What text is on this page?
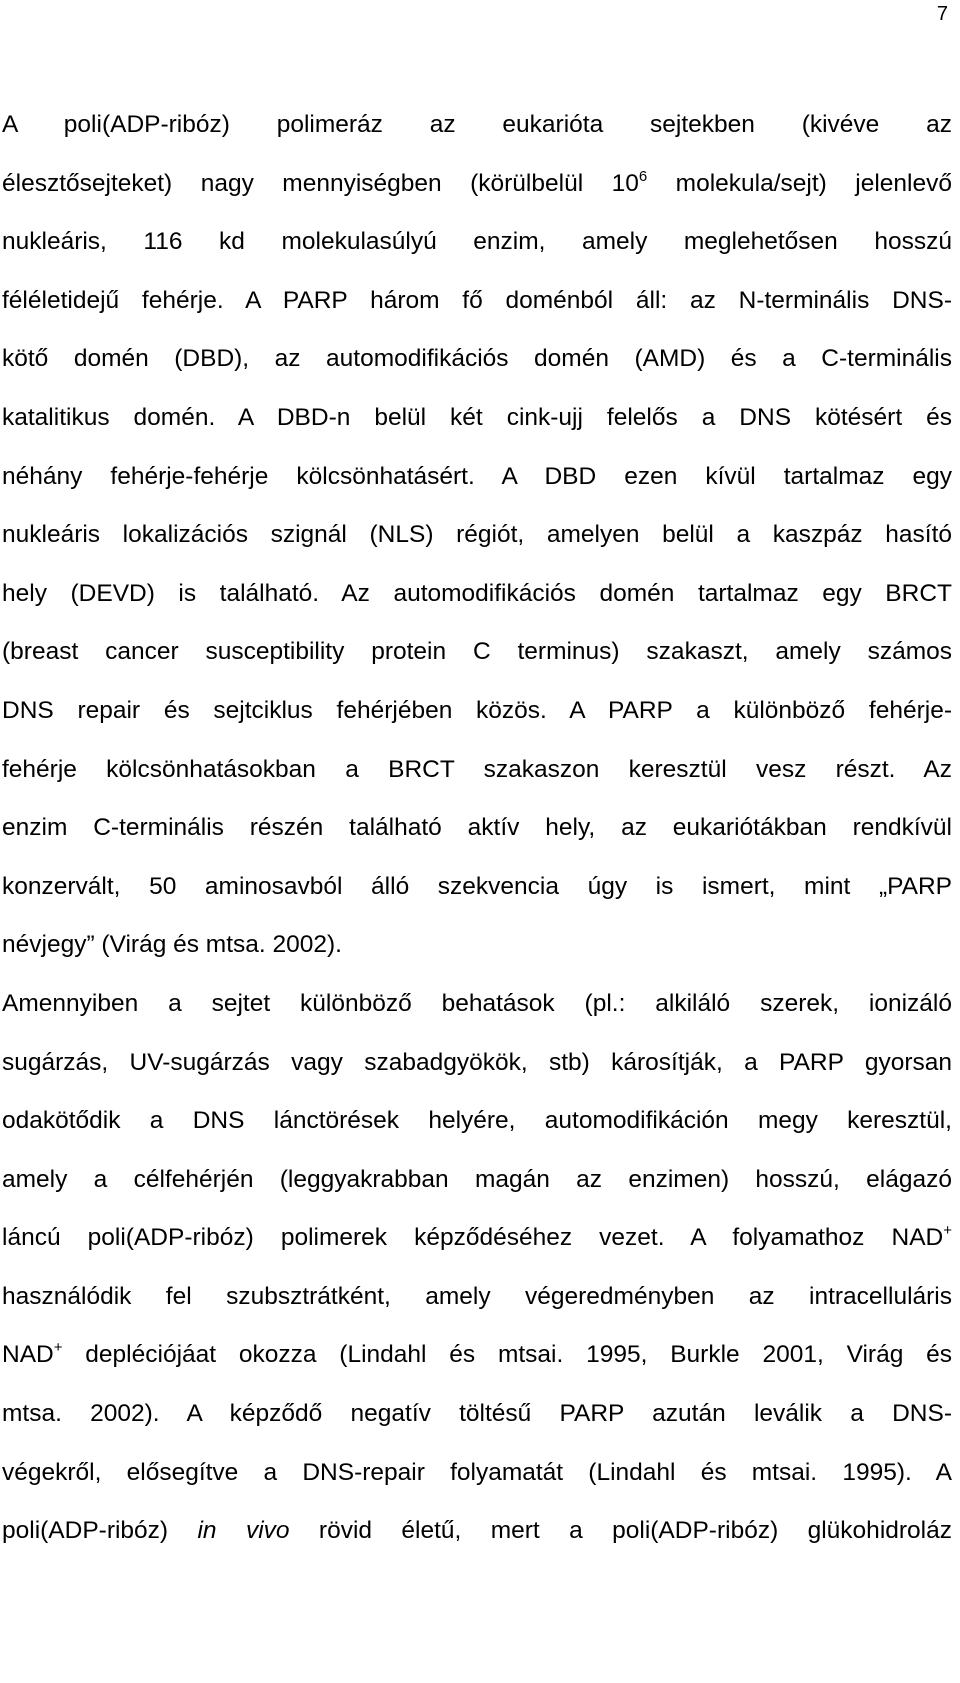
7
A poli(ADP-ribóz) polimeráz az eukarióta sejtekben (kivéve az
élesztősejteket) nagy mennyiségben (körülbelül $10^6$ molekula/sejt) jelenlevő
nukleáris, 116 kd molekulasúlyú enzim, amely meglehetősen hosszú
féléletidejű fehérje. A PARP három fő doménból áll: az N-terminális DNS-
kötő domén (DBD), az automodifikációs domén (AMD) és a C-terminális
katalitikus domén. A DBD-n belül két cink-ujj felelős a DNS kötésért és
néhány fehérje-fehérje kölcsönhatásért. A DBD ezen kívül tartalmaz egy
nukleáris lokalizációs szignál (NLS) régiót, amelyen belül a kaszpáz hasító
hely (DEVD) is található. Az automodifikációs domén tartalmaz egy BRCT
(breast cancer susceptibility protein C terminus) szakaszt, amely számos
DNS repair és sejtciklus fehérjében közös. A PARP a különböző fehérje-
fehérje kölcsönhatásokban a BRCT szakaszon keresztül vesz részt. Az
enzim C-terminális részén található aktív hely, az eukariótákban rendkívül
konzervált, 50 aminosavból álló szekvencia úgy is ismert, mint „PARP
névjegy” (Virág és mtsa. 2002).
Amennyiben a sejtet különböző behatások (pl.: alkiláló szerek, ionizáló
sugárzás, UV-sugárzás vagy szabadgyökök, stb) károsítják, a PARP gyorsan
odakötődik a DNS lánctörések helyére, automodifikáción megy keresztül,
amely a célfehérjén (leggyakrabban magán az enzimen) hosszú, elágazó
láncú poli(ADP-ribóz) polimerek képződéséhez vezet. A folyamathoz NAD+
használódik fel szubsztrátként, amely végeredményben az intracelluláris
NAD+ depléciójáat okozza (Lindahl és mtsai. 1995, Burkle 2001, Virág és
mtsa. 2002). A képződő negatív töltésű PARP azután leválik a DNS-
végekről, elősegítve a DNS-repair folyamatát (Lindahl és mtsai. 1995). A
poli(ADP-ribóz) in vivo rövid életű, mert a poli(ADP-ribóz) glükohidroláz
